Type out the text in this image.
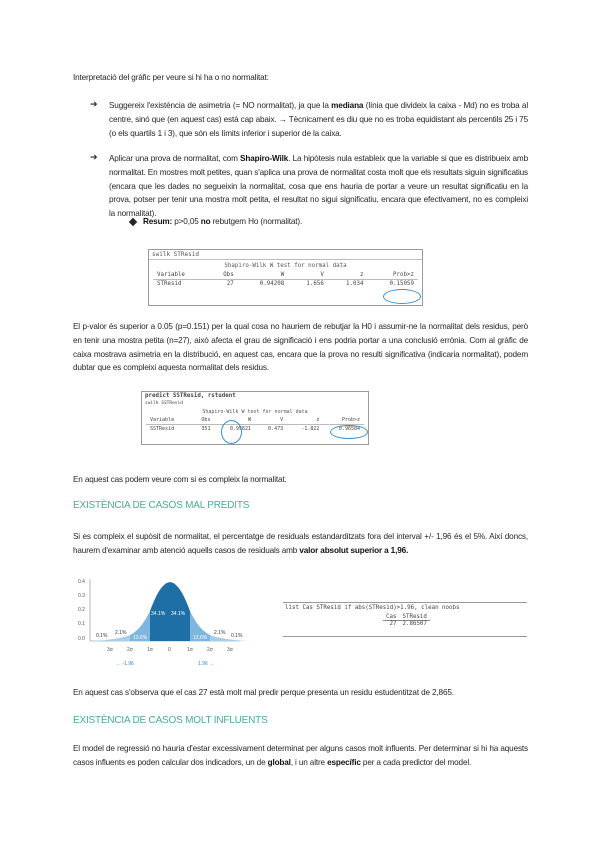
Interpretació del gràfic per veure si hi ha o no normalitat:
➔ Suggereix l'existència de asimetria (= NO normalitat), ja que la mediana (línia que divideix la caixa - Md) no es troba al centre, sinó que (en aquest cas) està cap abaix. → Tècnicament es diu que no es troba equidistant als percentils 25 i 75 (o els quartils 1 i 3), que són els límits inferior i superior de la caixa.
➔ Aplicar una prova de normalitat, com Shapiro-Wilk. La hipòtesis nula estableix que la variable si que es distribueix amb normalitat. En mostres molt petites, quan s'aplica una prova de normalitat costa molt que els resultats siguin significatius (encara que les dades no segueixin la normalitat, cosa que ens hauria de portar a veure un resultat significatiu en la prova, potser per tenir una mostra molt petita, el resultat no sigui significatiu, encara que efectivament, no es compleixi la normalitat).
Resum: p>0,05 no rebutgem Ho (normalitat).
swilk STResid
Shapiro-Wilk W test for normal data
Variable	Obs	W	V	z	Prob>z
STResid	27	0.94208	1.656	1.034	0.15059
El p-valor és superior a 0.05 (p=0.151) per la qual cosa no hauriem de rebutjar la H0 i assumir-ne la normalitat dels residus, però en tenir una mostra petita (n=27), això afecta el grau de significació i ens podria portar a una conclusió errònia. Com al gràfic de caixa mostrava asimetria en la distribució, en aquest cas, encara que la prova no resulti significativa (indicaria normalitat), podem dubtar que es compleixi aquesta normalitat dels residus.
predict SSTResid, rstudent
swilk SSTResid
Shapiro-Wilk W test for normal data
Variable	Obs	W	V	z	Prob>z
SSTResid	351	0.99821	0.473	-1.822	0.96584
En aquest cas podem veure com si es compleix la normalitat.
EXISTÈNCIA DE CASOS MAL PREDITS
Si es compleix el supòsit de normalitat, el percentatge de residuals estandarditzats fora del interval +/- 1,96 és el 5%. Així doncs, haurem d'examinar amb atenció aquells casos de residuals amb valor absolut superior a 1,96.
0.4
0.3
0.2
0.1
0.0 0.1% 2.1%
13.6%
34.1% 34.1%
13.6%
2.1% 0.1%
3σ	2σ	1σ	0	1σ	2σ	3σ
← -1.96	1.96 →
list Cas STResid if abs(STResid)>1.96, clean noobs
Cas	STResid
27	2.86507
En aquest cas s'observa que el cas 27 està molt mal predir perque presenta un residu estudentitzat de 2,865.
EXISTÈNCIA DE CASOS MOLT INFLUENTS
El model de regressió no hauria d'estar excessivament determinat per alguns casos molt influents. Per determinar si hi ha aquests casos influents es poden calcular dos indicadors, un de global, i un altre específic per a cada predictor del model.
